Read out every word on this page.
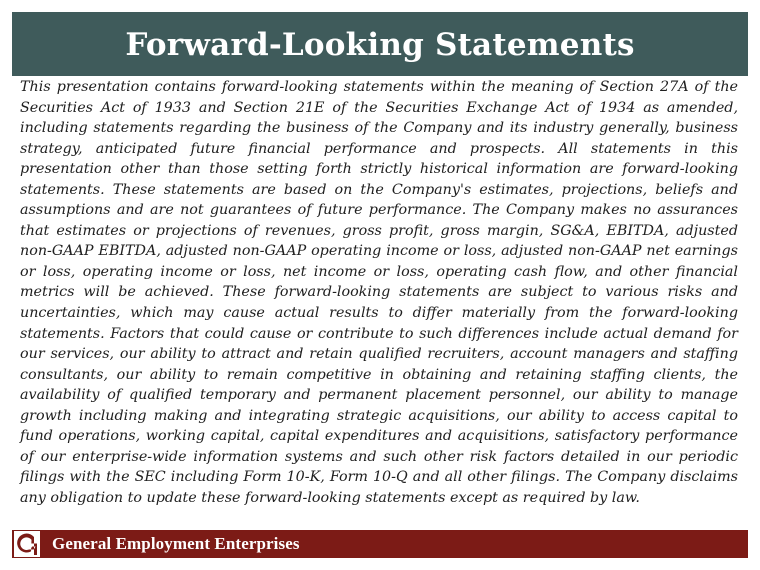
Forward-Looking Statements

This presentation contains forward-looking statements within the meaning of Section 27A of the Securities Act of 1933 and Section 21E of the Securities Exchange Act of 1934 as amended, including statements regarding the business of the Company and its industry generally, business strategy, anticipated future financial performance and prospects. All statements in this presentation other than those setting forth strictly historical information are forward-looking statements. These statements are based on the Company's estimates, projections, beliefs and assumptions and are not guarantees of future performance. The Company makes no assurances that estimates or projections of revenues, gross profit, gross margin, SG&A, EBITDA, adjusted non-GAAP EBITDA, adjusted non-GAAP operating income or loss, adjusted non-GAAP net earnings or loss, operating income or loss, net income or loss, operating cash flow, and other financial metrics will be achieved. These forward-looking statements are subject to various risks and uncertainties, which may cause actual results to differ materially from the forward-looking statements. Factors that could cause or contribute to such differences include actual demand for our services, our ability to attract and retain qualified recruiters, account managers and staffing consultants, our ability to remain competitive in obtaining and retaining staffing clients, the availability of qualified temporary and permanent placement personnel, our ability to manage growth including making and integrating strategic acquisitions, our ability to access capital to fund operations, working capital, capital expenditures and acquisitions, satisfactory performance of our enterprise-wide information systems and such other risk factors detailed in our periodic filings with the SEC including Form 10-K, Form 10-Q and all other filings. The Company disclaims any obligation to update these forward-looking statements except as required by law.

General Employment Enterprises
